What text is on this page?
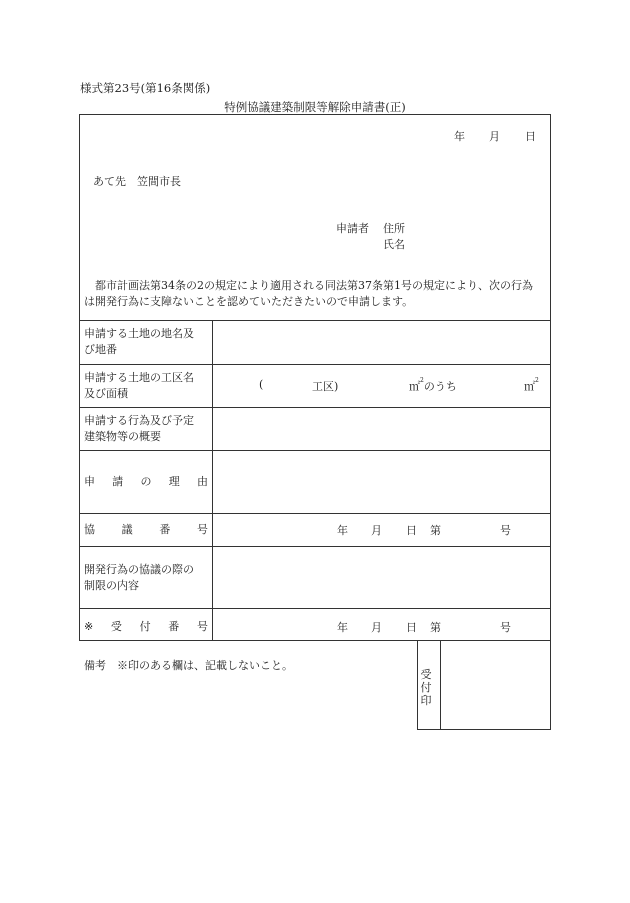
様式第23号(第16条関係)
特例協議建築制限等解除申請書(正)
年 月 日
あて先　笠間市長
申請者 住所
氏名
都市計画法第34条の2の規定により適用される同法第37条第1号の規定により、次の行為
は開発行為に支障ないことを認めていただきたいので申請します。
申請する土地の地名及
び地番
申請する土地の工区名
及び面積
(	工区)	㎡$^2$のうち	㎡$^2$
申請する行為及び予定
建築物等の概要
申 請 の 理 由
協 議 番 号	年 月 日 第	号
開発行為の協議の際の
制限の内容
※ 受 付 番 号	年 月 日 第	号
備考　※印のある欄は、記載しないこと。
受
付
印
